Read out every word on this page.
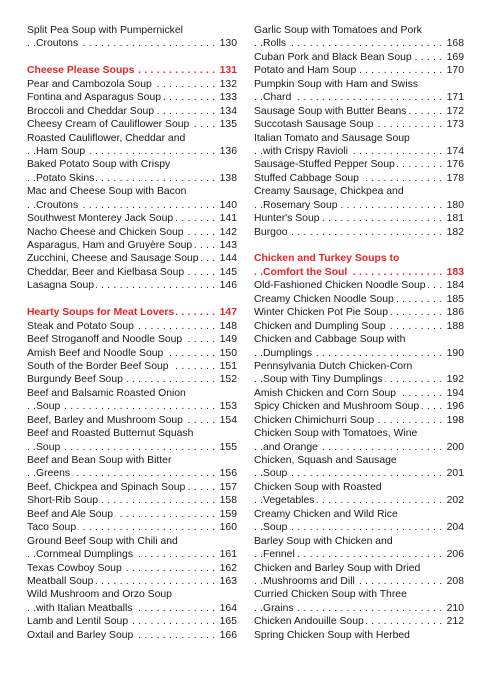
Split Pea Soup with Pumpernickel
Croutons	130
. . .
Cheese Please Soups	131
. . .
Pear and Cambozola Soup	132
. . .
Fontina and Asparagus Soup	133
. . .
Broccoli and Cheddar Soup	134
. . .
Cheesy Cream of Cauliflower Soup	135
. . .
Roasted Cauliflower, Cheddar and
Ham Soup	136
. . .
Baked Potato Soup with Crispy
Potato Skins	138
. . .
Mac and Cheese Soup with Bacon
Croutons	140
. . .
Southwest Monterey Jack Soup	141
. . .
Nacho Cheese and Chicken Soup	142
. . .
Asparagus, Ham and Gruyère Soup	143
. . .
Zucchini, Cheese and Sausage Soup 144
. . .
Cheddar, Beer and Kielbasa Soup	145
. . .
Lasagna Soup	146
. . .
Hearty Soups for Meat Lovers	147
. . .
Steak and Potato Soup	148
. . .
Beef Stroganoff and Noodle Soup	149
. . .
Amish Beef and Noodle Soup	150
. . .
South of the Border Beef Soup	151
. . .
Burgundy Beef Soup	152
. . .
Beef and Balsamic Roasted Onion
Soup	153
. . .
Beef, Barley and Mushroom Soup	154
. . .
Beef and Roasted Butternut Squash
Soup	155
. . .
Beef and Bean Soup with Bitter
Greens	156
. . .
Beef, Chickpea and Spinach Soup	157
. . .
Short-Rib Soup	158
. . .
Beef and Ale Soup	159
. . .
Taco Soup	160
. . .
Ground Beef Soup with Chili and
Cornmeal Dumplings	161
. . .
Texas Cowboy Soup	162
. . .
Meatball Soup	163
. . .
Wild Mushroom and Orzo Soup
with Italian Meatballs	164
. . .
Lamb and Lentil Soup	165
. . .
Oxtail and Barley Soup	166
. . .
Garlic Soup with Tomatoes and Pork
Rolls	168
. . .
Cuban Pork and Black Bean Soup	169
. . .
Potato and Ham Soup	170
. . .
Pumpkin Soup with Ham and Swiss
Chard	171
. . .
Sausage Soup with Butter Beans	172
. . .
Succotash Sausage Soup	173
. . .
Italian Tomato and Sausage Soup
with Crispy Ravioli	174
. . .
Sausage-Stuffed Pepper Soup	176
. . .
Stuffed Cabbage Soup	178
. . .
Creamy Sausage, Chickpea and
Rosemary Soup	180
. . .
Hunter's Soup	181
. . .
Burgoo	182
. . .
Chicken and Turkey Soups to
Comfort the Soul	183
. . .
Old-Fashioned Chicken Noodle Soup 184
. . .
Creamy Chicken Noodle Soup	185
. . .
Winter Chicken Pot Pie Soup	186
. . .
Chicken and Dumpling Soup	188
. . .
Chicken and Cabbage Soup with
Dumplings	190
. . .
Pennsylvania Dutch Chicken-Corn
Soup with Tiny Dumplings	192
. . .
Amish Chicken and Corn Soup	194
. . .
Spicy Chicken and Mushroom Soup	196
. . .
Chicken Chimichurri Soup	198
. . .
Chicken Soup with Tomatoes, Wine
and Orange	200
. . .
Chicken, Squash and Sausage
Soup	201
. . .
Chicken Soup with Roasted
Vegetables	202
. . .
Creamy Chicken and Wild Rice
Soup	204
. . .
Barley Soup with Chicken and
Fennel	206
. . .
Chicken and Barley Soup with Dried
Mushrooms and Dill	208
. . .
Curried Chicken Soup with Three
Grains	210
. . .
Chicken Andouille Soup	212
. . .
Spring Chicken Soup with Herbed
